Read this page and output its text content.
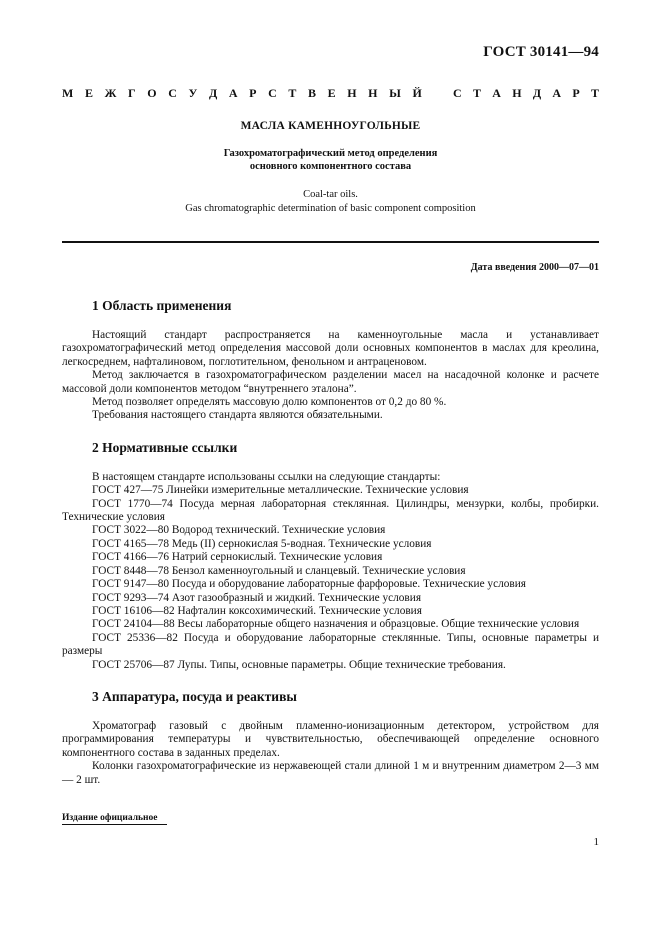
ГОСТ 30141—94
М Е Ж Г О С У Д А Р С Т В Е Н Н Ы Й	С Т А Н Д А Р Т
МАСЛА КАМЕННОУГОЛЬНЫЕ
Газохроматографический метод определения
основного компонентного состава
Coal-tar oils.
Gas chromatographic determination of basic component composition
Дата введения 2000—07—01
1 Область применения

Настоящий стандарт распространяется на каменноугольные масла и устанавливает газохроматографический метод определения массовой доли основных компонентов в маслах для креолина, легкосреднем, нафталиновом, поглотительном, фенольном и антраценовом.

Метод заключается в газохроматографическом разделении масел на насадочной колонке и расчете массовой доли компонентов методом “внутреннего эталона”.

Метод позволяет определять массовую долю компонентов от 0,2 до 80 %.

Требования настоящего стандарта являются обязательными.

2 Нормативные ссылки

В настоящем стандарте использованы ссылки на следующие стандарты:

ГОСТ 427—75 Линейки измерительные металлические. Технические условия
ГОСТ 1770—74 Посуда мерная лабораторная стеклянная. Цилиндры, мензурки, колбы, пробирки. Технические условия
ГОСТ 3022—80 Водород технический. Технические условия
ГОСТ 4165—78 Медь (II) сернокислая 5-водная. Технические условия
ГОСТ 4166—76 Натрий сернокислый. Технические условия
ГОСТ 8448—78 Бензол каменноугольный и сланцевый. Технические условия
ГОСТ 9147—80 Посуда и оборудование лабораторные фарфоровые. Технические условия
ГОСТ 9293—74 Азот газообразный и жидкий. Технические условия
ГОСТ 16106—82 Нафталин коксохимический. Технические условия
ГОСТ 24104—88 Весы лабораторные общего назначения и образцовые. Общие технические условия
ГОСТ 25336—82 Посуда и оборудование лабораторные стеклянные. Типы, основные параметры и размеры
ГОСТ 25706—87 Лупы. Типы, основные параметры. Общие технические требования.
3 Аппаратура, посуда и реактивы

Хроматограф газовый с двойным пламенно-ионизационным детектором, устройством для программирования температуры и чувствительностью, обеспечивающей определение основного компонентного состава в заданных пределах.

Колонки газохроматографические из нержавеющей стали длиной 1 м и внутренним диаметром 2—3 мм — 2 шт.

Издание официальное
1
